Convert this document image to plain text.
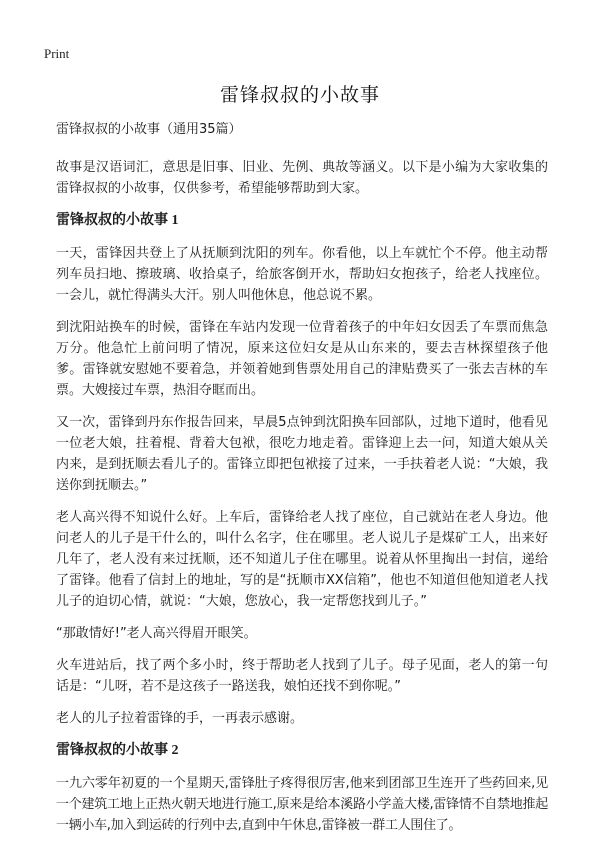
Print
雷锋叔叔的小故事
雷锋叔叔的小故事（通用35篇）

故事是汉语词汇，意思是旧事、旧业、先例、典故等涵义。以下是小编为大家收集的雷锋叔叔的小故事，仅供参考，希望能够帮助到大家。

雷锋叔叔的小故事 1

一天，雷锋因共登上了从抚顺到沈阳的列车。你看他，以上车就忙个不停。他主动帮列车员扫地、擦玻璃、收拾桌子，给旅客倒开水，帮助妇女抱孩子，给老人找座位。一会儿，就忙得满头大汗。别人叫他休息，他总说不累。

到沈阳站换车的时候，雷锋在车站内发现一位背着孩子的中年妇女因丢了车票而焦急万分。他急忙上前问明了情况，原来这位妇女是从山东来的，要去吉林探望孩子他爹。雷锋就安慰她不要着急，并领着她到售票处用自己的津贴费买了一张去吉林的车票。大嫂接过车票，热泪夺眶而出。

又一次，雷锋到丹东作报告回来，早晨5点钟到沈阳换车回部队，过地下道时，他看见一位老大娘，拄着棍、背着大包袱，很吃力地走着。雷锋迎上去一问，知道大娘从关内来，是到抚顺去看儿子的。雷锋立即把包袱接了过来，一手扶着老人说：“大娘，我送你到抚顺去。”

老人高兴得不知说什么好。上车后，雷锋给老人找了座位，自己就站在老人身边。他问老人的儿子是干什么的，叫什么名字，住在哪里。老人说儿子是煤矿工人，出来好几年了，老人没有来过抚顺，还不知道儿子住在哪里。说着从怀里掏出一封信，递给了雷锋。他看了信封上的地址，写的是“抚顺市XX信箱”，他也不知道但他知道老人找儿子的迫切心情，就说：“大娘，您放心，我一定帮您找到儿子。”

“那敢情好!”老人高兴得眉开眼笑。

火车进站后，找了两个多小时，终于帮助老人找到了儿子。母子见面，老人的第一句话是：“儿呀，若不是这孩子一路送我，娘怕还找不到你呢。”

老人的儿子拉着雷锋的手，一再表示感谢。

雷锋叔叔的小故事 2

一九六零年初夏的一个星期天,雷锋肚子疼得很厉害,他来到团部卫生连开了些药回来,见一个建筑工地上正热火朝天地进行施工,原来是给本溪路小学盖大楼,雷锋情不自禁地推起一辆小车,加入到运砖的行列中去,直到中午休息,雷锋被一群工人围住了。
